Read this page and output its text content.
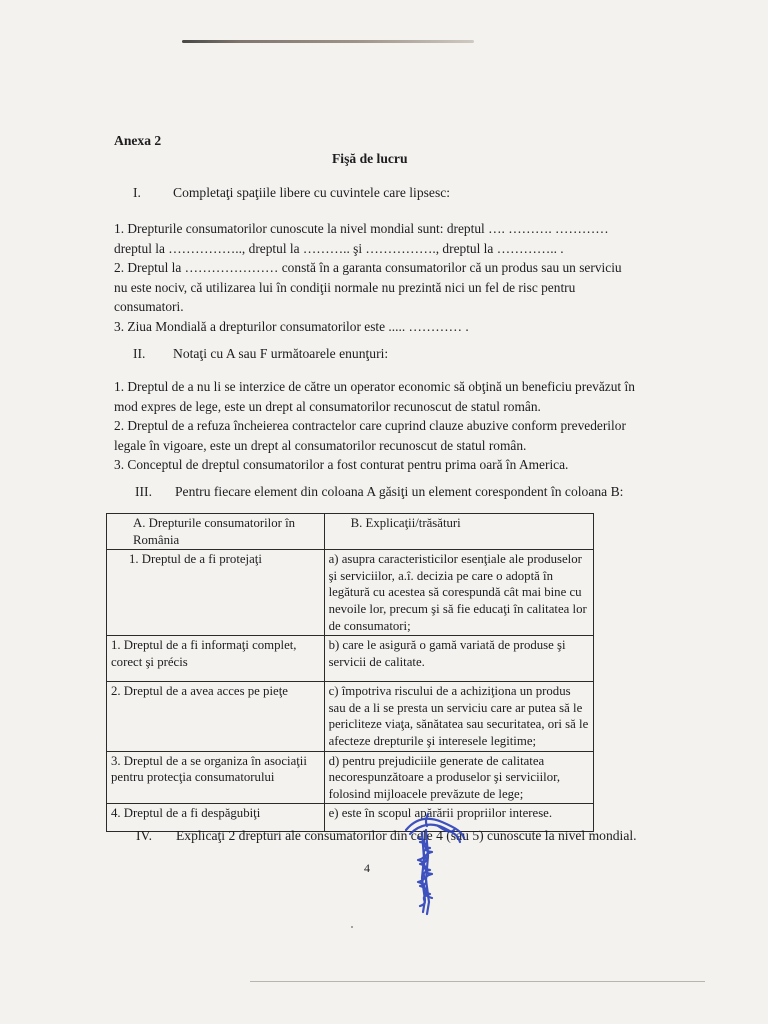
Anexa 2
Fişă de lucru
I. Completaţi spaţiile libere cu cuvintele care lipsesc:

1. Drepturile consumatorilor cunoscute la nivel mondial sunt: dreptul …. ………. …………

dreptul la …………….., dreptul la ……….. şi ……………., dreptul la ………….. .

2. Dreptul la ………………… constă în a garanta consumatorilor că un produs sau un serviciu

nu este nociv, că utilizarea lui în condiţii normale nu prezintă nici un fel de risc pentru

consumatori.

3. Ziua Mondială a drepturilor consumatorilor este ..... ………… .

II. Notaţi cu A sau F următoarele enunţuri:

1. Dreptul de a nu li se interzice de către un operator economic să obţină un beneficiu prevăzut în

mod expres de lege, este un drept al consumatorilor recunoscut de statul român.

2. Dreptul de a refuza încheierea contractelor care cuprind clauze abuzive conform prevederilor

legale în vigoare, este un drept al consumatorilor recunoscut de statul român.

3. Conceptul de dreptul consumatorilor a fost conturat pentru prima oară în America.

III. Pentru fiecare element din coloana A găsiţi un element corespondent în coloana B:
A. Drepturile consumatorilor în România	B. Explicaţii/trăsături
1. Dreptul de a fi protejaţi	a) asupra caracteristicilor esenţiale ale produselor şi serviciilor, a.î. decizia pe care o adoptă în legătură cu acestea să corespundă cât mai bine cu nevoile lor, precum şi să fie educaţi în calitatea lor de consumatori;
1. Dreptul de a fi informaţi complet, corect şi précis	b) care le asigură o gamă variată de produse şi servicii de calitate.
2. Dreptul de a avea acces pe pieţe	c) împotriva riscului de a achiziţiona un produs sau de a li se presta un serviciu care ar putea să le pericliteze viaţa, sănătatea sau securitatea, ori să le afecteze drepturile şi interesele legitime;
3. Dreptul de a se organiza în asociaţii pentru protecţia consumatorului	d) pentru prejudiciile generate de calitatea necorespunzătoare a produselor şi serviciilor, folosind mijloacele prevăzute de lege;
4. Dreptul de a fi despăgubiţi	e) este în scopul apărării propriilor interese.
IV. Explicaţi 2 drepturi ale consumatorilor din cele 4 (sau 5) cunoscute la nivel mondial.
4
